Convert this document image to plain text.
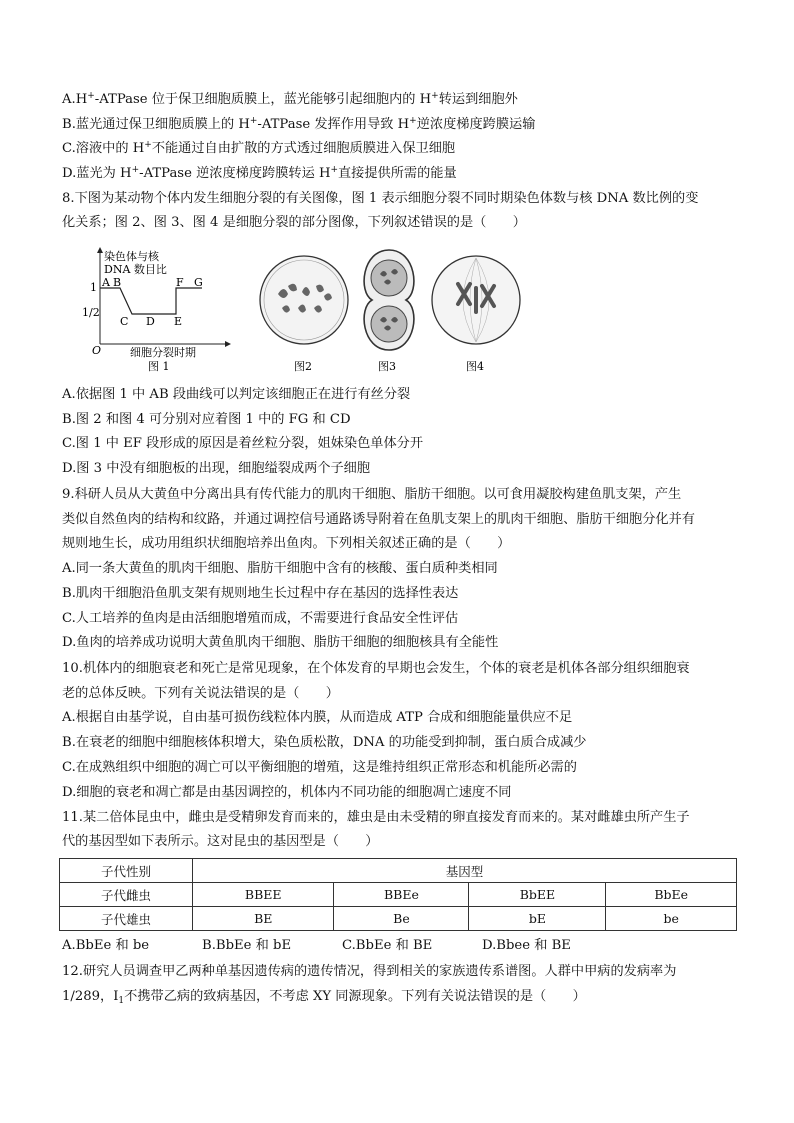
A.H+-ATPase 位于保卫细胞质膜上，蓝光能够引起细胞内的 H+转运到细胞外
B.蓝光通过保卫细胞质膜上的 H+-ATPase 发挥作用导致 H+逆浓度梯度跨膜运输
C.溶液中的 H+不能通过自由扩散的方式透过细胞质膜进入保卫细胞
D.蓝光为 H+-ATPase 逆浓度梯度跨膜转运 H+直接提供所需的能量
8.下图为某动物个体内发生细胞分裂的有关图像，图 1 表示细胞分裂不同时期染色体数与核 DNA 数比例的变
化关系；图 2、图 3、图 4 是细胞分裂的部分图像，下列叙述错误的是（　　）
染色体与核
DNA 数目比
1
1/2
O
A B
C D E
F G
细胞分裂时期
图 1	图2	图3	图4
A.依据图 1 中 AB 段曲线可以判定该细胞正在进行有丝分裂
B.图 2 和图 4 可分别对应着图 1 中的 FG 和 CD
C.图 1 中 EF 段形成的原因是着丝粒分裂，姐妹染色单体分开
D.图 3 中没有细胞板的出现，细胞缢裂成两个子细胞
9.科研人员从大黄鱼中分离出具有传代能力的肌肉干细胞、脂肪干细胞。以可食用凝胶构建鱼肌支架，产生
类似自然鱼肉的结构和纹路，并通过调控信号通路诱导附着在鱼肌支架上的肌肉干细胞、脂肪干细胞分化并有
规则地生长，成功用组织状细胞培养出鱼肉。下列相关叙述正确的是（　　）
A.同一条大黄鱼的肌肉干细胞、脂肪干细胞中含有的核酸、蛋白质种类相同
B.肌肉干细胞沿鱼肌支架有规则地生长过程中存在基因的选择性表达
C.人工培养的鱼肉是由活细胞增殖而成，不需要进行食品安全性评估
D.鱼肉的培养成功说明大黄鱼肌肉干细胞、脂肪干细胞的细胞核具有全能性
10.机体内的细胞衰老和死亡是常见现象，在个体发育的早期也会发生，个体的衰老是机体各部分组织细胞衰
老的总体反映。下列有关说法错误的是（　　）
A.根据自由基学说，自由基可损伤线粒体内膜，从而造成 ATP 合成和细胞能量供应不足
B.在衰老的细胞中细胞核体积增大，染色质松散，DNA 的功能受到抑制，蛋白质合成减少
C.在成熟组织中细胞的凋亡可以平衡细胞的增殖，这是维持组织正常形态和机能所必需的
D.细胞的衰老和凋亡都是由基因调控的，机体内不同功能的细胞凋亡速度不同
11.某二倍体昆虫中，雌虫是受精卵发育而来的，雄虫是由未受精的卵直接发育而来的。某对雌雄虫所产生子
代的基因型如下表所示。这对昆虫的基因型是（　　）
子代性别	基因型			
子代雌虫	BBEE	BBEe	BbEE	BbEe
子代雄虫	BE	Be	bE	be
A.BbEe 和 be	B.BbEe 和 bE	C.BbEe 和 BE	D.Bbee 和 BE
12.研究人员调查甲乙两种单基因遗传病的遗传情况，得到相关的家族遗传系谱图。人群中甲病的发病率为
1/289，$I_1$不携带乙病的致病基因，不考虑 XY 同源现象。下列有关说法错误的是（　　）
